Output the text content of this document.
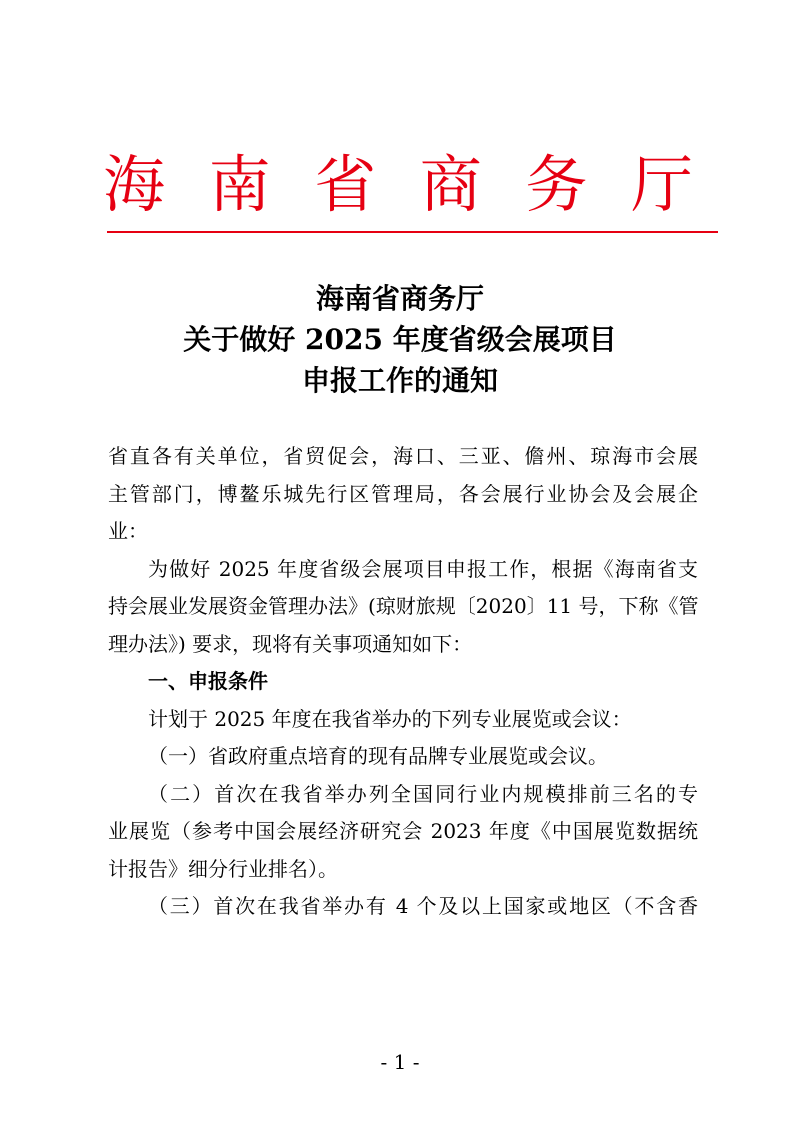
海 南 省 商 务 厅
海南省商务厅
关于做好 2025 年度省级会展项目
申报工作的通知
省直各有关单位，省贸促会，海口、三亚、儋州、琼海市会展
主管部门，博鳌乐城先行区管理局，各会展行业协会及会展企
业：
为做好 2025 年度省级会展项目申报工作，根据《海南省支
持会展业发展资金管理办法》(琼财旅规〔2020〕11 号，下称《管
理办法》) 要求，现将有关事项通知如下：
一、申报条件
计划于 2025 年度在我省举办的下列专业展览或会议：
（一）省政府重点培育的现有品牌专业展览或会议。
（二）首次在我省举办列全国同行业内规模排前三名的专
业展览（参考中国会展经济研究会 2023 年度《中国展览数据统
计报告》细分行业排名）。
（三）首次在我省举办有 4 个及以上国家或地区（不含香
- 1 -
